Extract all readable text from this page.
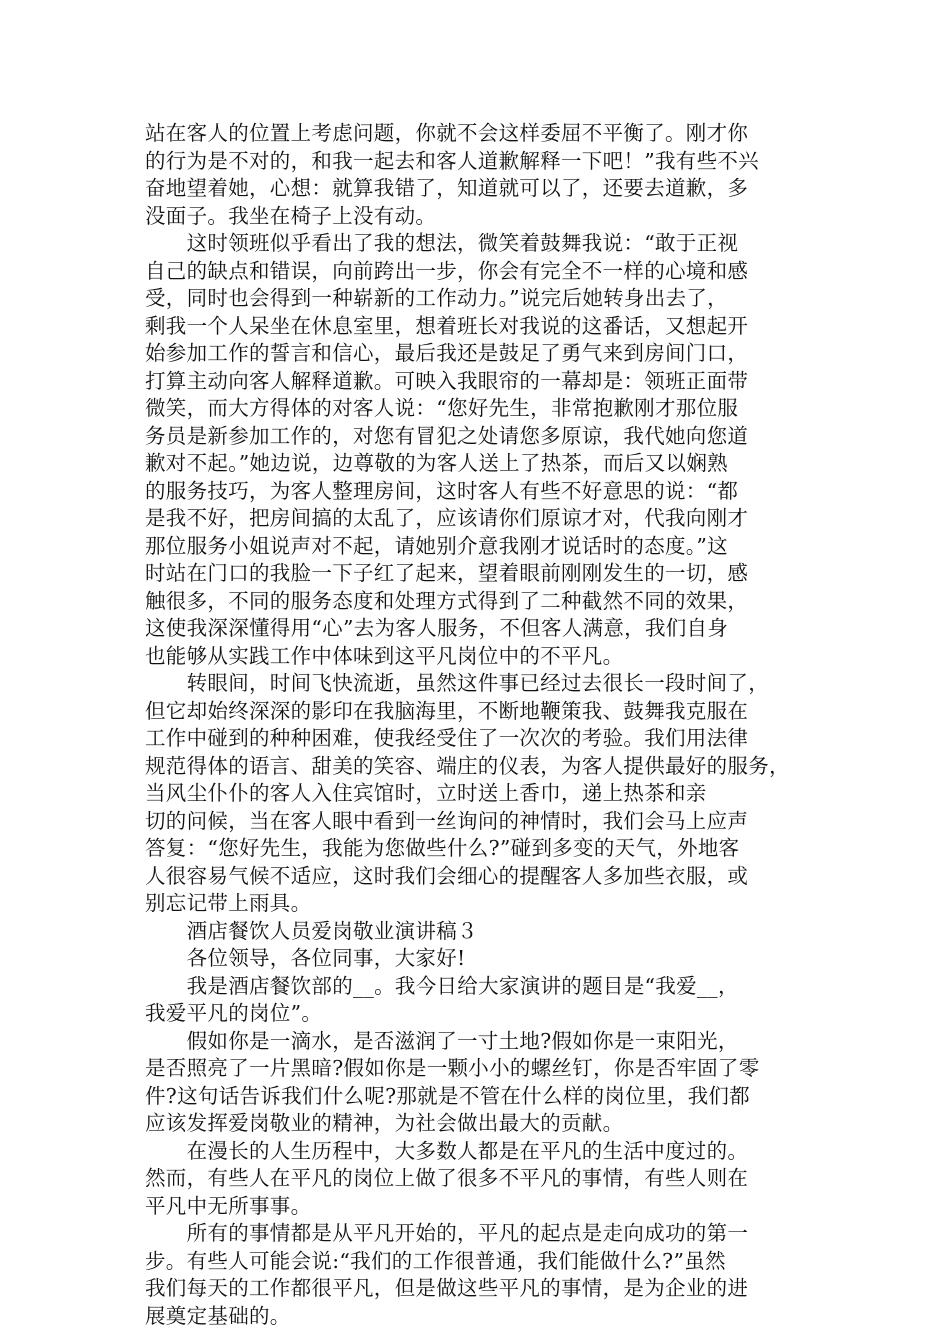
站在客人的位置上考虑问题，你就不会这样委屈不平衡了。刚才你
的行为是不对的，和我一起去和客人道歉解释一下吧！”我有些不兴
奋地望着她，心想：就算我错了，知道就可以了，还要去道歉，多
没面子。我坐在椅子上没有动。
　　这时领班似乎看出了我的想法，微笑着鼓舞我说：“敢于正视
自己的缺点和错误，向前跨出一步，你会有完全不一样的心境和感
受，同时也会得到一种崭新的工作动力。”说完后她转身出去了，
剩我一个人呆坐在休息室里，想着班长对我说的这番话，又想起开
始参加工作的誓言和信心，最后我还是鼓足了勇气来到房间门口，
打算主动向客人解释道歉。可映入我眼帘的一幕却是：领班正面带
微笑，而大方得体的对客人说：“您好先生，非常抱歉刚才那位服
务员是新参加工作的，对您有冒犯之处请您多原谅，我代她向您道
歉对不起。”她边说，边尊敬的为客人送上了热茶，而后又以娴熟
的服务技巧，为客人整理房间，这时客人有些不好意思的说：“都
是我不好，把房间搞的太乱了，应该请你们原谅才对，代我向刚才
那位服务小姐说声对不起，请她别介意我刚才说话时的态度。”这
时站在门口的我脸一下子红了起来，望着眼前刚刚发生的一切，感
触很多，不同的服务态度和处理方式得到了二种截然不同的效果，
这使我深深懂得用“心”去为客人服务，不但客人满意，我们自身
也能够从实践工作中体味到这平凡岗位中的不平凡。
　　转眼间，时间飞快流逝，虽然这件事已经过去很长一段时间了，
但它却始终深深的影印在我脑海里，不断地鞭策我、鼓舞我克服在
工作中碰到的种种困难，使我经受住了一次次的考验。我们用法律
规范得体的语言、甜美的笑容、端庄的仪表，为客人提供最好的服务，
当风尘仆仆的客人入住宾馆时，立时送上香巾，递上热茶和亲
切的问候，当在客人眼中看到一丝询问的神情时，我们会马上应声
答复：“您好先生，我能为您做些什么?”碰到多变的天气，外地客
人很容易气候不适应，这时我们会细心的提醒客人多加些衣服，或
别忘记带上雨具。
　　酒店餐饮人员爱岗敬业演讲稿３
　　各位领导，各位同事，大家好!
　　我是酒店餐饮部的__。我今日给大家演讲的题目是“我爱__，
我爱平凡的岗位”。
　　假如你是一滴水，是否滋润了一寸土地?假如你是一束阳光，
是否照亮了一片黑暗?假如你是一颗小小的螺丝钉，你是否牢固了零
件?这句话告诉我们什么呢?那就是不管在什么样的岗位里，我们都
应该发挥爱岗敬业的精神，为社会做出最大的贡献。
　　在漫长的人生历程中，大多数人都是在平凡的生活中度过的。
然而，有些人在平凡的岗位上做了很多不平凡的事情，有些人则在
平凡中无所事事。
　　所有的事情都是从平凡开始的，平凡的起点是走向成功的第一
步。有些人可能会说:“我们的工作很普通，我们能做什么?”虽然
我们每天的工作都很平凡，但是做这些平凡的事情，是为企业的进
展奠定基础的。
